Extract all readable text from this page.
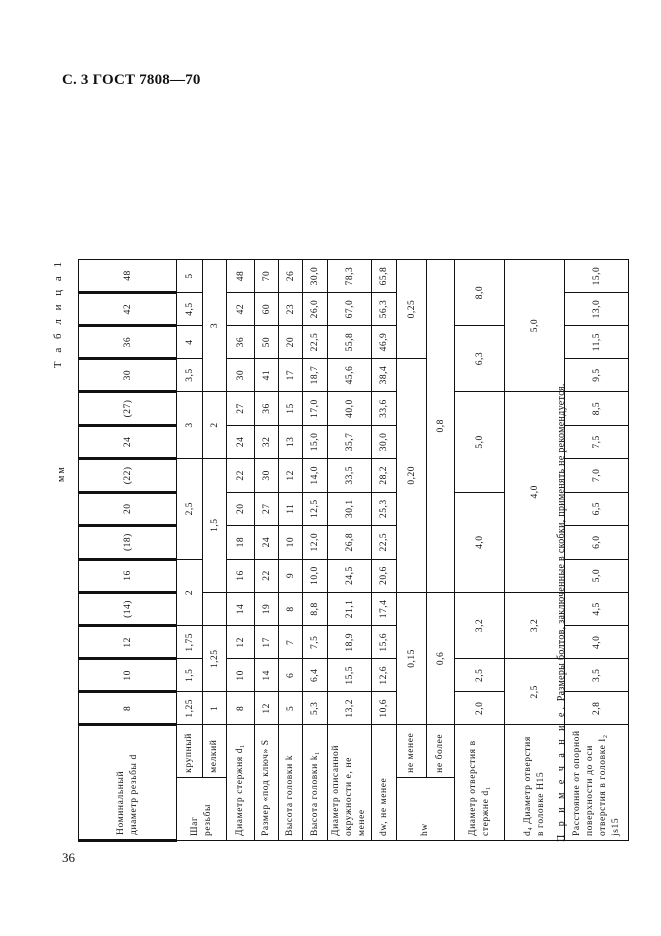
С. 3 ГОСТ 7808—70
36
мм
Т а б л и ц а 1
Номинальный диаметр резьбы d		8	10	12	(14)	16	(18)	20	(22)	24	(27)	30	36	42	48
Шаг резьбы	крупный	1,25	1,5	1,75	2		2,5			3		3,5	4	4,5	5
	мелкий	1	1,25			1,5				2		3			
Диаметр стержня d₁		8	10	12	14	16	18	20	22	24	27	30	36	42	48
Размер «под ключ» S		12	14	17	19	22	24	27	30	32	36	41	50	60	70
Высота головки k		5	6	7	8	9	10	11	12	13	15	17	20	23	26
Высота головки k₁		5,3	6,4	7,5	8,8	10,0	12,0	12,5	14,0	15,0	17,0	18,7	22,5	26,0	30,0
Диаметр описанной окружности e, не менее		13,2	15,5	18,9	21,1	24,5	26,8	30,1	33,5	35,7	40,0	45,6	55,8	67,0	78,3
dw, не менее		10,6	12,6	15,6	17,4	20,6	22,5	25,3	28,2	30,0	33,6	38,4	46,9	56,3	65,8
hw	не менее	0,15				0,20							0,25		
	не более	0,6				0,8									
Диаметр отверстия в стержне d₁		2,0	2,5	3,2		4,0			5,0			6,3		8,0	
d₄ Диаметр отверстия в головке H15		2,5		3,2		4,0						5,0			
Расстояние от опорной поверхности до оси отверстия в головке l₂ js15		2,8	3,5	4,0	4,5	5,0	6,0	6,5	7,0	7,5	8,5	9,5	11,5	13,0	15,0
П р и м е ч а н и е. Размеры болтов, заключенные в скобки, применять не рекомендуется.
